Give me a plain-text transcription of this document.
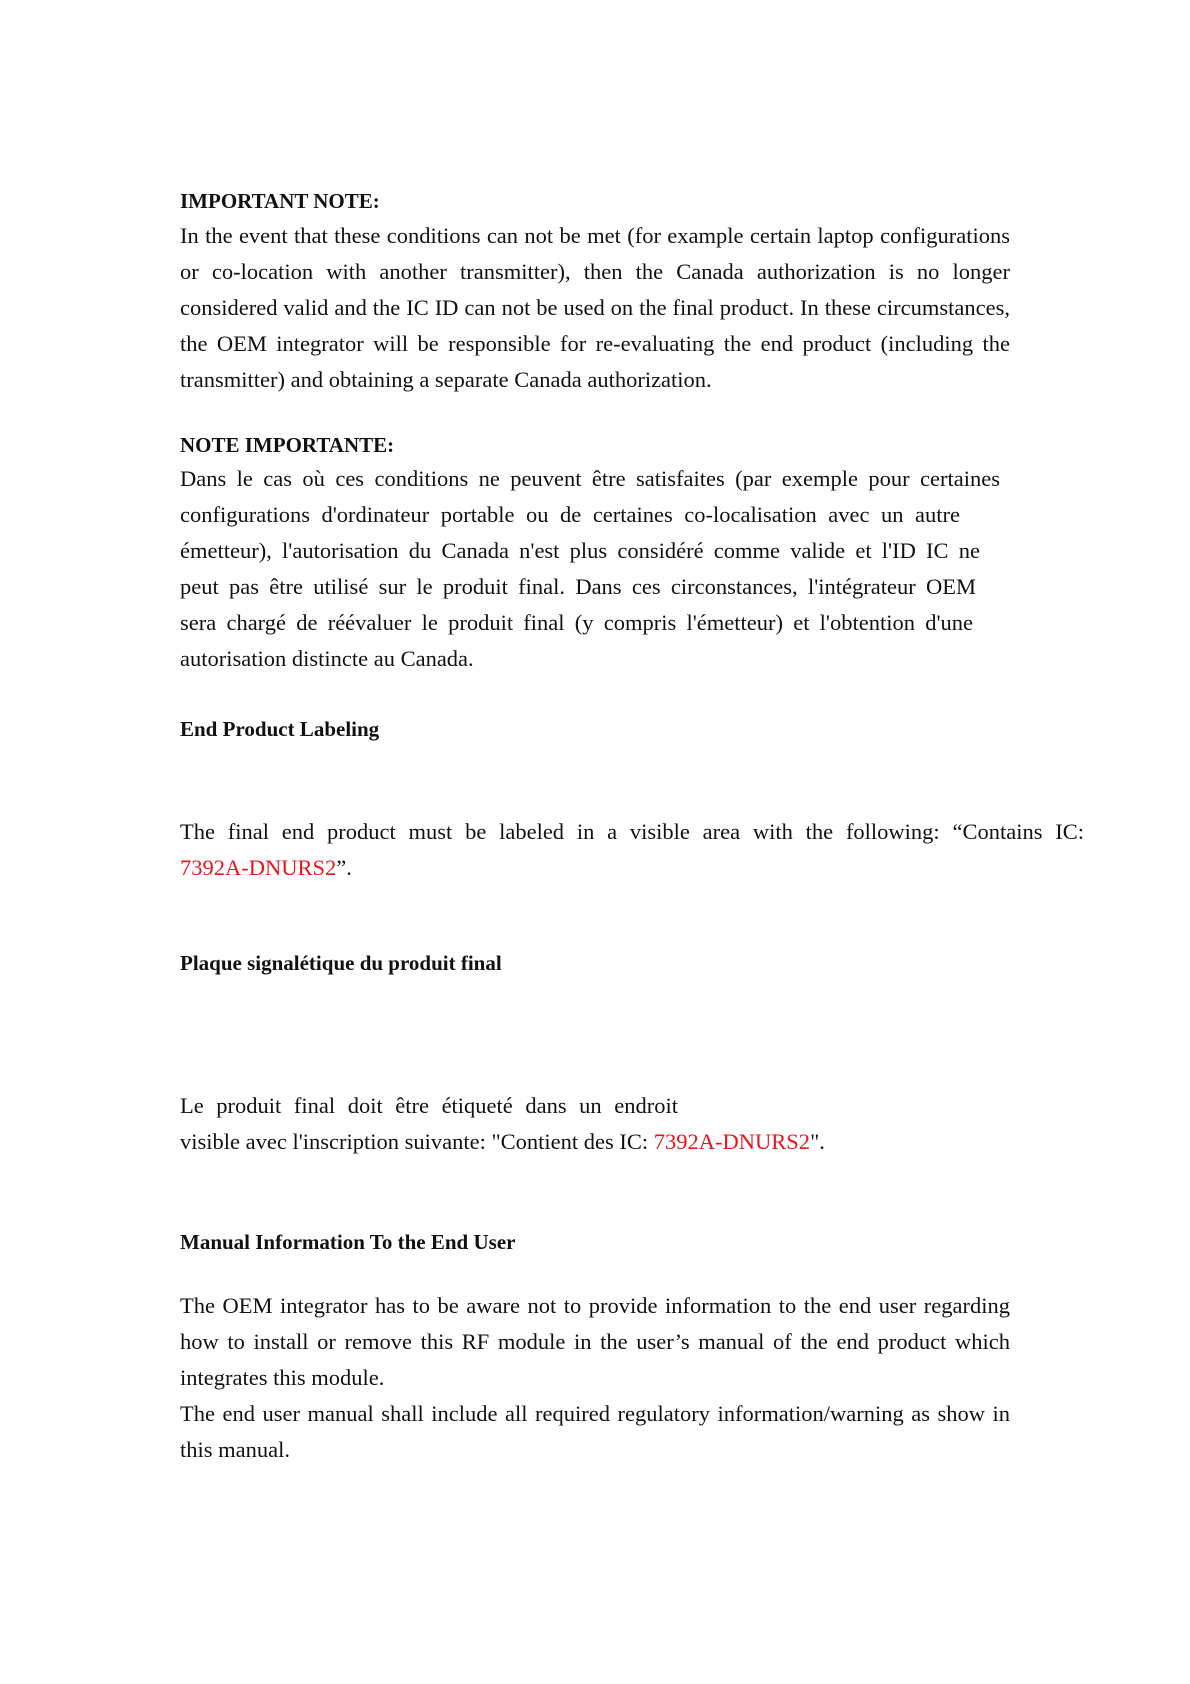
IMPORTANT NOTE:

In the event that these conditions can not be met (for example certain laptop configurations or co-location with another transmitter), then the Canada authorization is no longer considered valid and the IC ID can not be used on the final product. In these circumstances, the OEM integrator will be responsible for re-evaluating the end product (including the transmitter) and obtaining a separate Canada authorization.

NOTE IMPORTANTE:
Dans le cas où ces conditions ne peuvent être satisfaites (par exemple pour certaines
configurations d'ordinateur portable ou de certaines co-localisation avec un autre
émetteur), l'autorisation du Canada n'est plus considéré comme valide et l'ID IC ne
peut pas être utilisé sur le produit final. Dans ces circonstances, l'intégrateur OEM
sera chargé de réévaluer le produit final (y compris l'émetteur) et l'obtention d'une
autorisation distincte au Canada.
End Product Labeling
The final end product must be labeled in a visible area with the following: “Contains IC:
7392A-DNURS2”.
Plaque signalétique du produit final
Le produit final doit être étiqueté dans un endroit
visible avec l'inscription suivante: "Contient des IC: 7392A-DNURS2".
Manual Information To the End User

The OEM integrator has to be aware not to provide information to the end user regarding how to install or remove this RF module in the user’s manual of the end product which integrates this module.

The end user manual shall include all required regulatory information/warning as show in this manual.
